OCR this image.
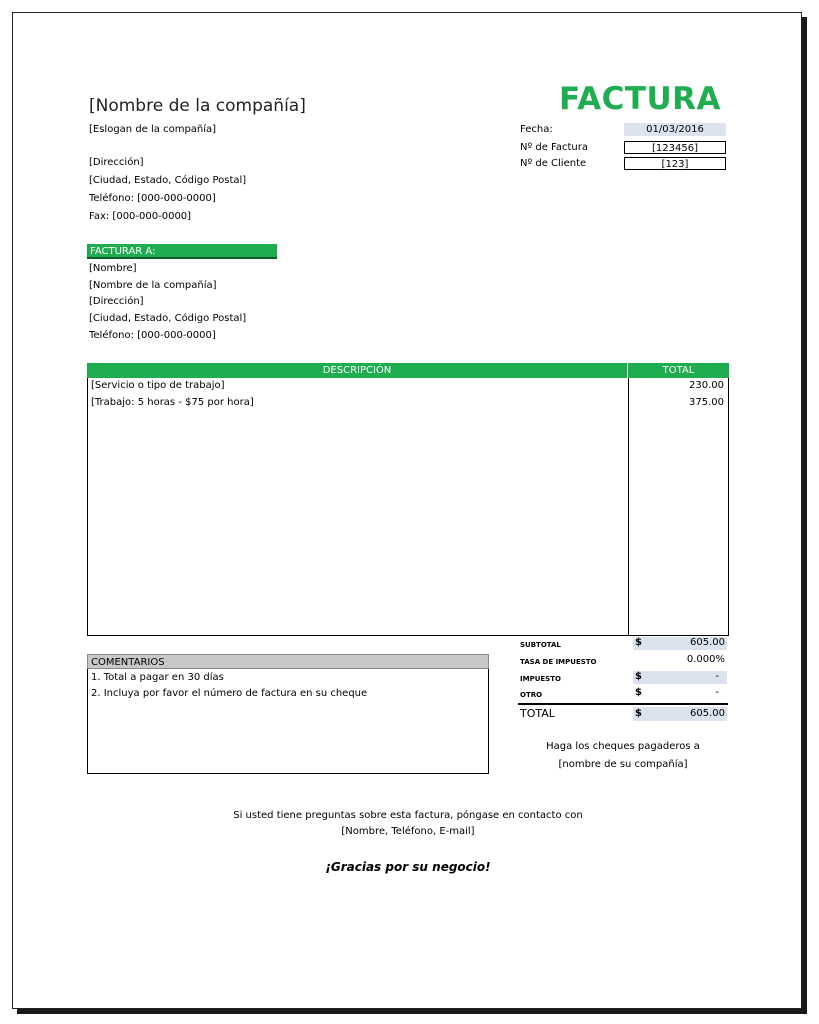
[Nombre de la compañía]
[Eslogan de la compañía]
[Dirección]
[Ciudad, Estado, Código Postal]
Teléfono: [000-000-0000]
Fax: [000-000-0000]
FACTURA
Fecha:	01/03/2016
Nº de Factura	[123456]
Nº de Cliente	[123]
FACTURAR A:
[Nombre]
[Nombre de la compañía]
[Dirección]
[Ciudad, Estado, Código Postal]
Teléfono: [000-000-0000]
DESCRIPCIÓN	TOTAL
[Servicio o tipo de trabajo]	230.00
[Trabajo: 5 horas - $75 por hora]	375.00
COMENTARIOS
1. Total a pagar en 30 días
2. Incluya por favor el número de factura en su cheque
SUBTOTAL	$	605.00
TASA DE IMPUESTO	0.000%
IMPUESTO	$	-
OTRO	$	-
TOTAL	$	605.00
Haga los cheques pagaderos a
[nombre de su compañía]
Si usted tiene preguntas sobre esta factura, póngase en contacto con
[Nombre, Teléfono, E-mail]
¡Gracias por su negocio!
